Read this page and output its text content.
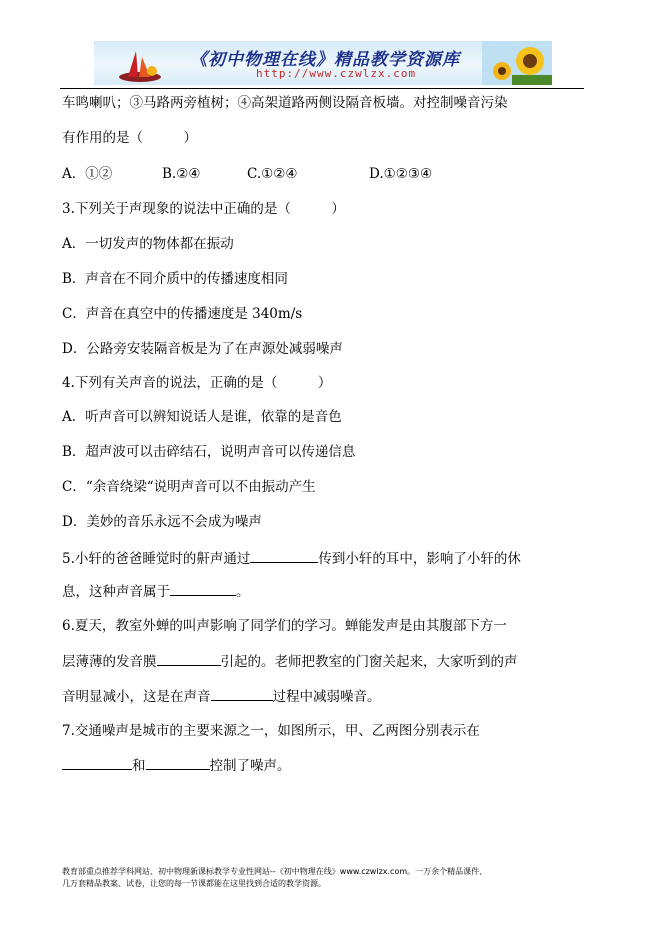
《初中物理在线》精品教学资源库
http://www.czwlzx.com
车鸣喇叭；③马路两旁植树；④高架道路两侧设隔音板墙。对控制噪音污染
有作用的是（　　　）
A．①②	B.②④	C.①②④	D.①②③④
3.下列关于声现象的说法中正确的是（　　　）
A．一切发声的物体都在振动
B．声音在不同介质中的传播速度相同
C．声音在真空中的传播速度是 340m/s
D．公路旁安装隔音板是为了在声源处减弱噪声
4.下列有关声音的说法，正确的是（　　　）
A．听声音可以辨知说话人是谁，依靠的是音色
B．超声波可以击碎结石，说明声音可以传递信息
C．“余音绕梁“说明声音可以不由振动产生
D．美妙的音乐永远不会成为噪声
5.小轩的爸爸睡觉时的鼾声通过	传到小轩的耳中，影响了小轩的休
息，这种声音属于	。
6.夏天，教室外蝉的叫声影响了同学们的学习。蝉能发声是由其腹部下方一
层薄薄的发音膜	引起的。老师把教室的门窗关起来，大家听到的声
音明显减小，这是在声音	过程中减弱噪音。
7.交通噪声是城市的主要来源之一，如图所示，甲、乙两图分别表示在
和	控制了噪声。
教育部重点推荐学科网站、初中物理新课标教学专业性网站--《初中物理在线》www.czwlzx.com。一万余个精品课件、
几万套精品教案、试卷，让您的每一节课都能在这里找到合适的教学资源。
